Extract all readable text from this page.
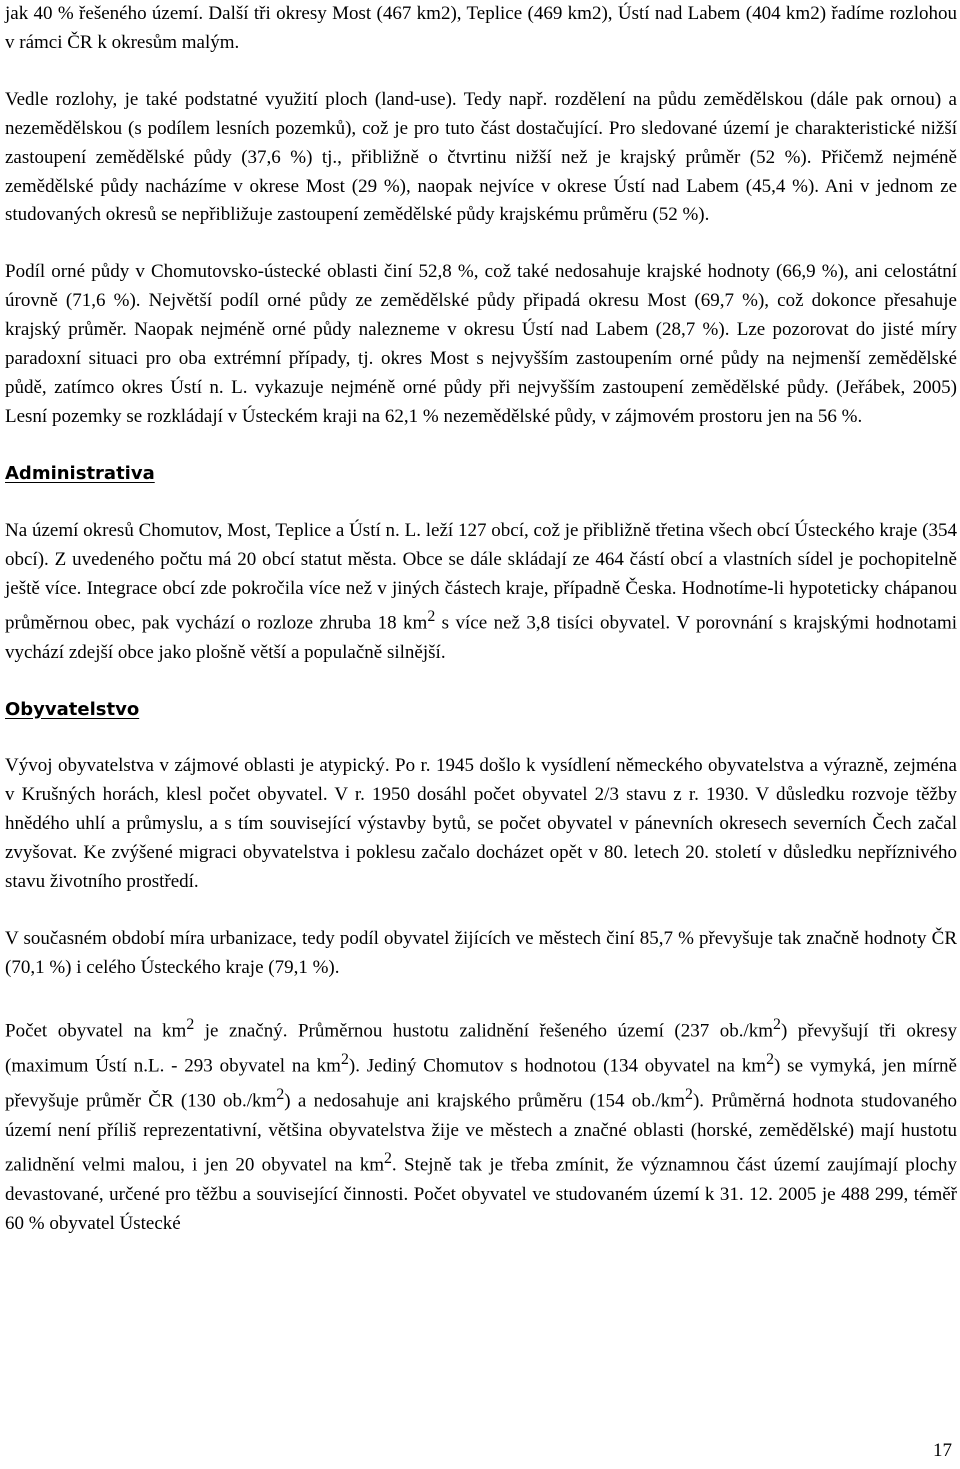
jak 40 % řešeného území. Další tři okresy Most (467 km2), Teplice (469 km2), Ústí nad Labem (404 km2) řadíme rozlohou v rámci ČR k okresům malým.

Vedle rozlohy, je také podstatné využití ploch (land-use). Tedy např. rozdělení na půdu zemědělskou (dále pak ornou) a nezemědělskou (s podílem lesních pozemků), což je pro tuto část dostačující. Pro sledované území je charakteristické nižší zastoupení zemědělské půdy (37,6 %) tj., přibližně o čtvrtinu nižší než je krajský průměr (52 %). Přičemž nejméně zemědělské půdy nacházíme v okrese Most (29 %), naopak nejvíce v okrese Ústí nad Labem (45,4 %). Ani v jednom ze studovaných okresů se nepřibližuje zastoupení zemědělské půdy krajskému průměru (52 %).

Podíl orné půdy v Chomutovsko-ústecké oblasti činí 52,8 %, což také nedosahuje krajské hodnoty (66,9 %), ani celostátní úrovně (71,6 %). Největší podíl orné půdy ze zemědělské půdy připadá okresu Most (69,7 %), což dokonce přesahuje krajský průměr. Naopak nejméně orné půdy nalezneme v okresu Ústí nad Labem (28,7 %). Lze pozorovat do jisté míry paradoxní situaci pro oba extrémní případy, tj. okres Most s nejvyšším zastoupením orné půdy na nejmenší zemědělské půdě, zatímco okres Ústí n. L. vykazuje nejméně orné půdy při nejvyšším zastoupení zemědělské půdy. (Jeřábek, 2005) Lesní pozemky se rozkládají v Ústeckém kraji na 62,1 % nezemědělské půdy, v zájmovém prostoru jen na 56 %.

Administrativa

Na území okresů Chomutov, Most, Teplice a Ústí n. L. leží 127 obcí, což je přibližně třetina všech obcí Ústeckého kraje (354 obcí). Z uvedeného počtu má 20 obcí statut města. Obce se dále skládají ze 464 částí obcí a vlastních sídel je pochopitelně ještě více. Integrace obcí zde pokročila více než v jiných částech kraje, případně Česka. Hodnotíme-li hypoteticky chápanou průměrnou obec, pak vychází o rozloze zhruba 18 $km^2$ s více než 3,8 tisíci obyvatel. V porovnání s krajskými hodnotami vychází zdejší obce jako plošně větší a populačně silnější.

Obyvatelstvo

Vývoj obyvatelstva v zájmové oblasti je atypický. Po r. 1945 došlo k vysídlení německého obyvatelstva a výrazně, zejména v Krušných horách, klesl počet obyvatel. V r. 1950 dosáhl počet obyvatel 2/3 stavu z r. 1930. V důsledku rozvoje těžby hnědého uhlí a průmyslu, a s tím související výstavby bytů, se počet obyvatel v pánevních okresech severních Čech začal zvyšovat. Ke zvýšené migraci obyvatelstva i poklesu začalo docházet opět v 80. letech 20. století v důsledku nepříznivého stavu životního prostředí.

V současném období míra urbanizace, tedy podíl obyvatel žijících ve městech činí 85,7 % převyšuje tak značně hodnoty ČR (70,1 %) i celého Ústeckého kraje (79,1 %).

Počet obyvatel na $km^2$ je značný. Průměrnou hustotu zalidnění řešeného území (237 $ob./km^2$) převyšují tři okresy (maximum Ústí n.L. - 293 obyvatel na $km^2$). Jediný Chomutov s hodnotou (134 obyvatel na $km^2$) se vymyká, jen mírně převyšuje průměr ČR (130 $ob./km^2$) a nedosahuje ani krajského průměru (154 $ob./km^2$). Průměrná hodnota studovaného území není příliš reprezentativní, většina obyvatelstva žije ve městech a značné oblasti (horské, zemědělské) mají hustotu zalidnění velmi malou, i jen 20 obyvatel na $km^2$. Stejně tak je třeba zmínit, že významnou část území zaujímají plochy devastované, určené pro těžbu a související činnosti. Počet obyvatel ve studovaném území k 31. 12. 2005 je 488 299, téměř 60 % obyvatel Ústecké

17
